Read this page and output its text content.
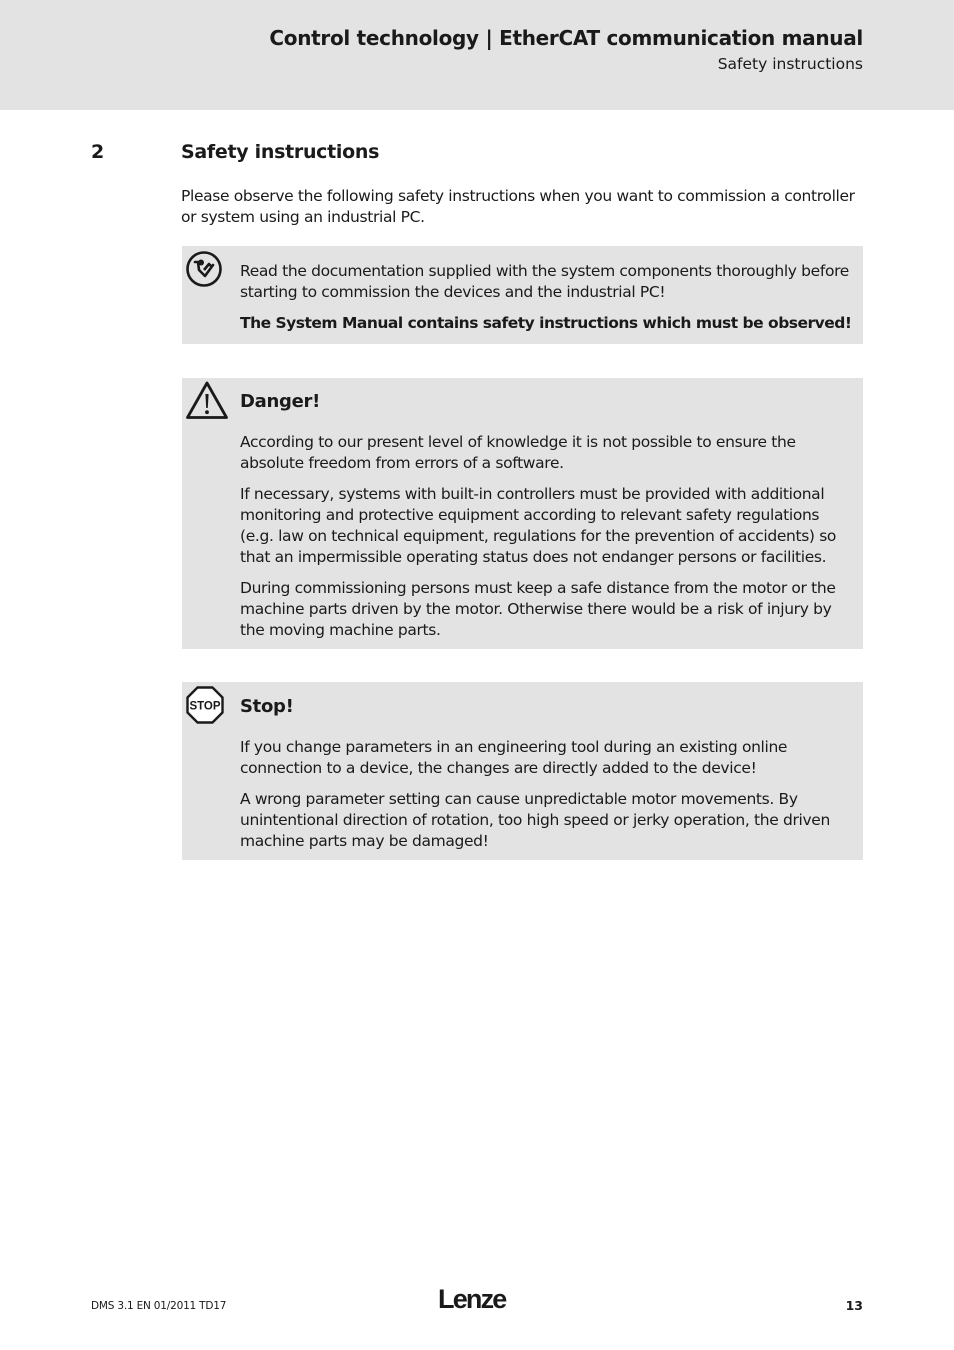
Control technology | EtherCAT communication manual
Safety instructions
2	Safety instructions

Please observe the following safety instructions when you want to commission a controller or system using an industrial PC.

Read the documentation supplied with the system components thoroughly before starting to commission the devices and the industrial PC!

The System Manual contains safety instructions which must be observed!

Danger!

According to our present level of knowledge it is not possible to ensure the absolute freedom from errors of a software.

If necessary, systems with built-in controllers must be provided with additional monitoring and protective equipment according to relevant safety regulations (e.g. law on technical equipment, regulations for the prevention of accidents) so that an impermissible operating status does not endanger persons or facilities.

During commissioning persons must keep a safe distance from the motor or the machine parts driven by the motor. Otherwise there would be a risk of injury by the moving machine parts.

STOP Stop!

If you change parameters in an engineering tool during an existing online connection to a device, the changes are directly added to the device!

A wrong parameter setting can cause unpredictable motor movements. By unintentional direction of rotation, too high speed or jerky operation, the driven machine parts may be damaged!

DMS 3.1 EN 01/2011 TD17	Lenze	13
